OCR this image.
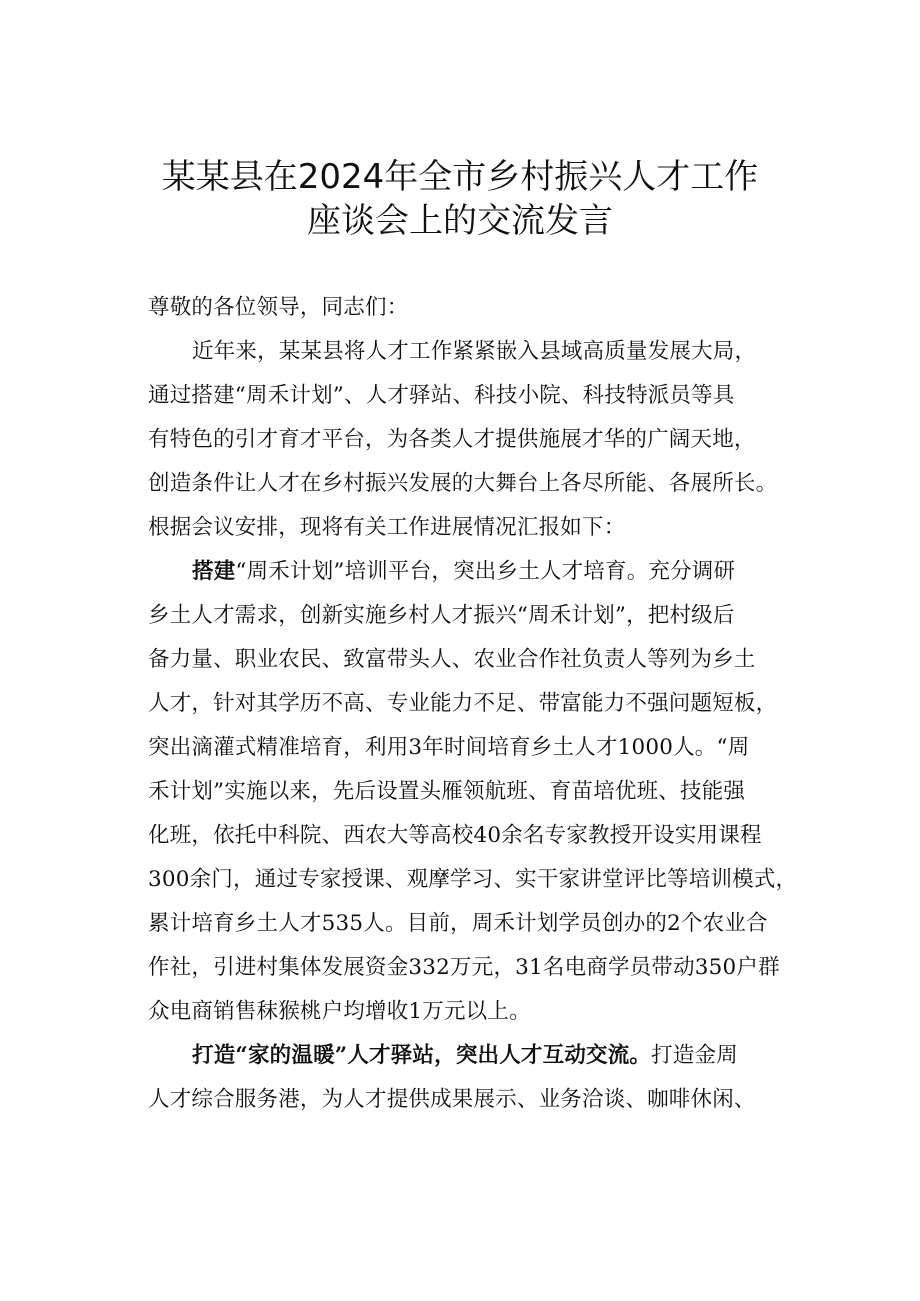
某某县在2024年全市乡村振兴人才工作
座谈会上的交流发言
尊敬的各位领导，同志们：
近年来，某某县将人才工作紧紧嵌入县域高质量发展大局，
通过搭建“周禾计划”、人才驿站、科技小院、科技特派员等具
有特色的引才育才平台，为各类人才提供施展才华的广阔天地，
创造条件让人才在乡村振兴发展的大舞台上各尽所能、各展所长。
根据会议安排，现将有关工作进展情况汇报如下：
搭建“周禾计划”培训平台，突出乡土人才培育。充分调研
乡土人才需求，创新实施乡村人才振兴“周禾计划”，把村级后
备力量、职业农民、致富带头人、农业合作社负责人等列为乡土
人才，针对其学历不高、专业能力不足、带富能力不强问题短板，
突出滴灌式精准培育，利用3年时间培育乡土人才1000人。“周
禾计划”实施以来，先后设置头雁领航班、育苗培优班、技能强
化班，依托中科院、西农大等高校40余名专家教授开设实用课程
300余门，通过专家授课、观摩学习、实干家讲堂评比等培训模式，
累计培育乡土人才535人。目前，周禾计划学员创办的2个农业合
作社，引进村集体发展资金332万元，31名电商学员带动350户群
众电商销售秣猴桃户均增收1万元以上。
打造“家的温暖”人才驿站，突出人才互动交流。打造金周
人才综合服务港，为人才提供成果展示、业务洽谈、咖啡休闲、
